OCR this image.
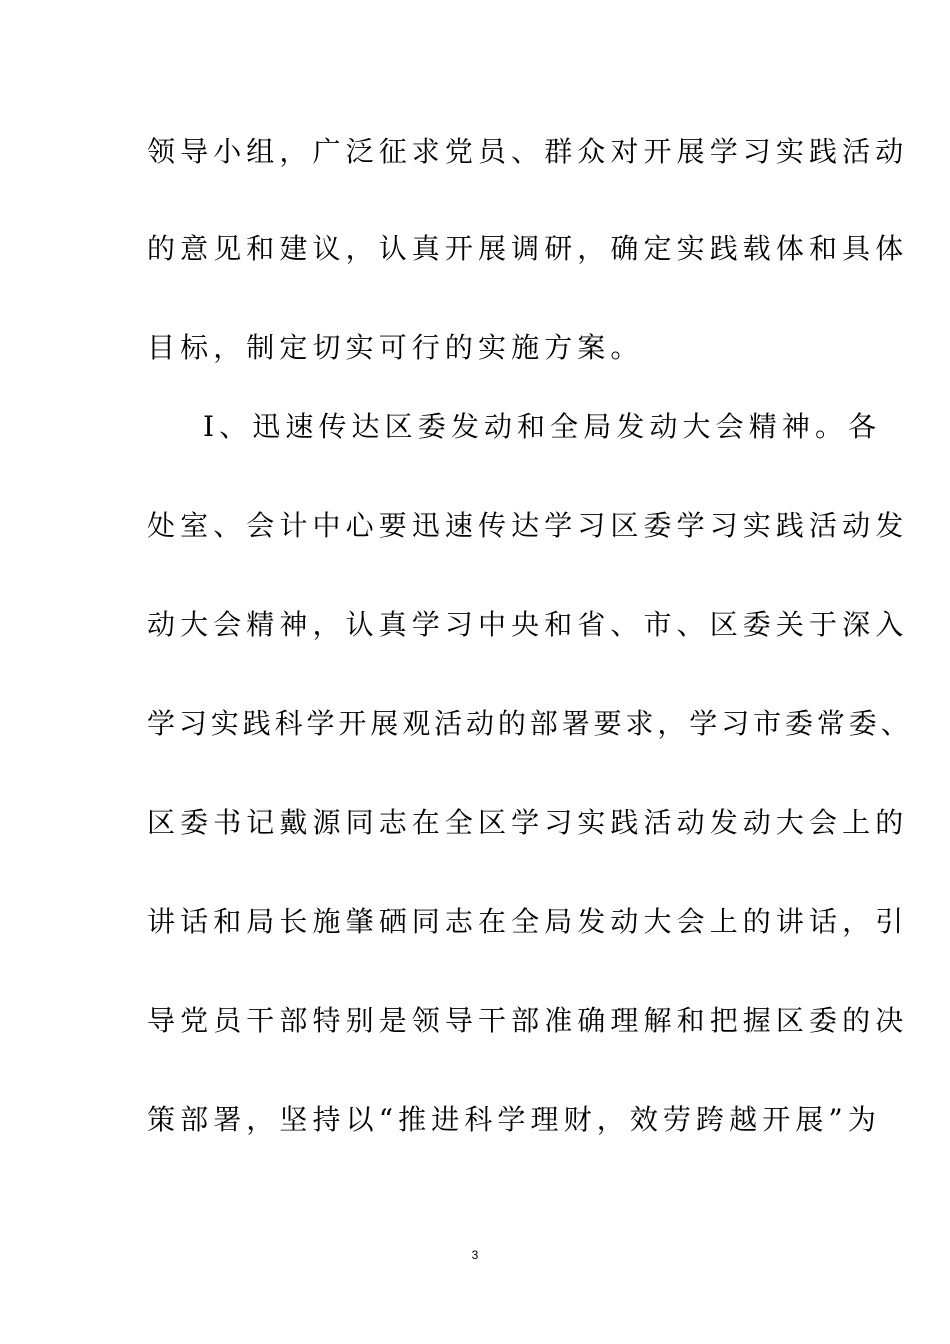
领导小组，广泛征求党员、群众对开展学习实践活动
的意见和建议，认真开展调研，确定实践载体和具体
目标，制定切实可行的实施方案。
Ⅰ、迅速传达区委发动和全局发动大会精神。各
处室、会计中心要迅速传达学习区委学习实践活动发
动大会精神，认真学习中央和省、市、区委关于深入
学习实践科学开展观活动的部署要求，学习市委常委、
区委书记戴源同志在全区学习实践活动发动大会上的
讲话和局长施肇硒同志在全局发动大会上的讲话，引
导党员干部特别是领导干部准确理解和把握区委的决
策部署，坚持以“推进科学理财，效劳跨越开展”为
3
